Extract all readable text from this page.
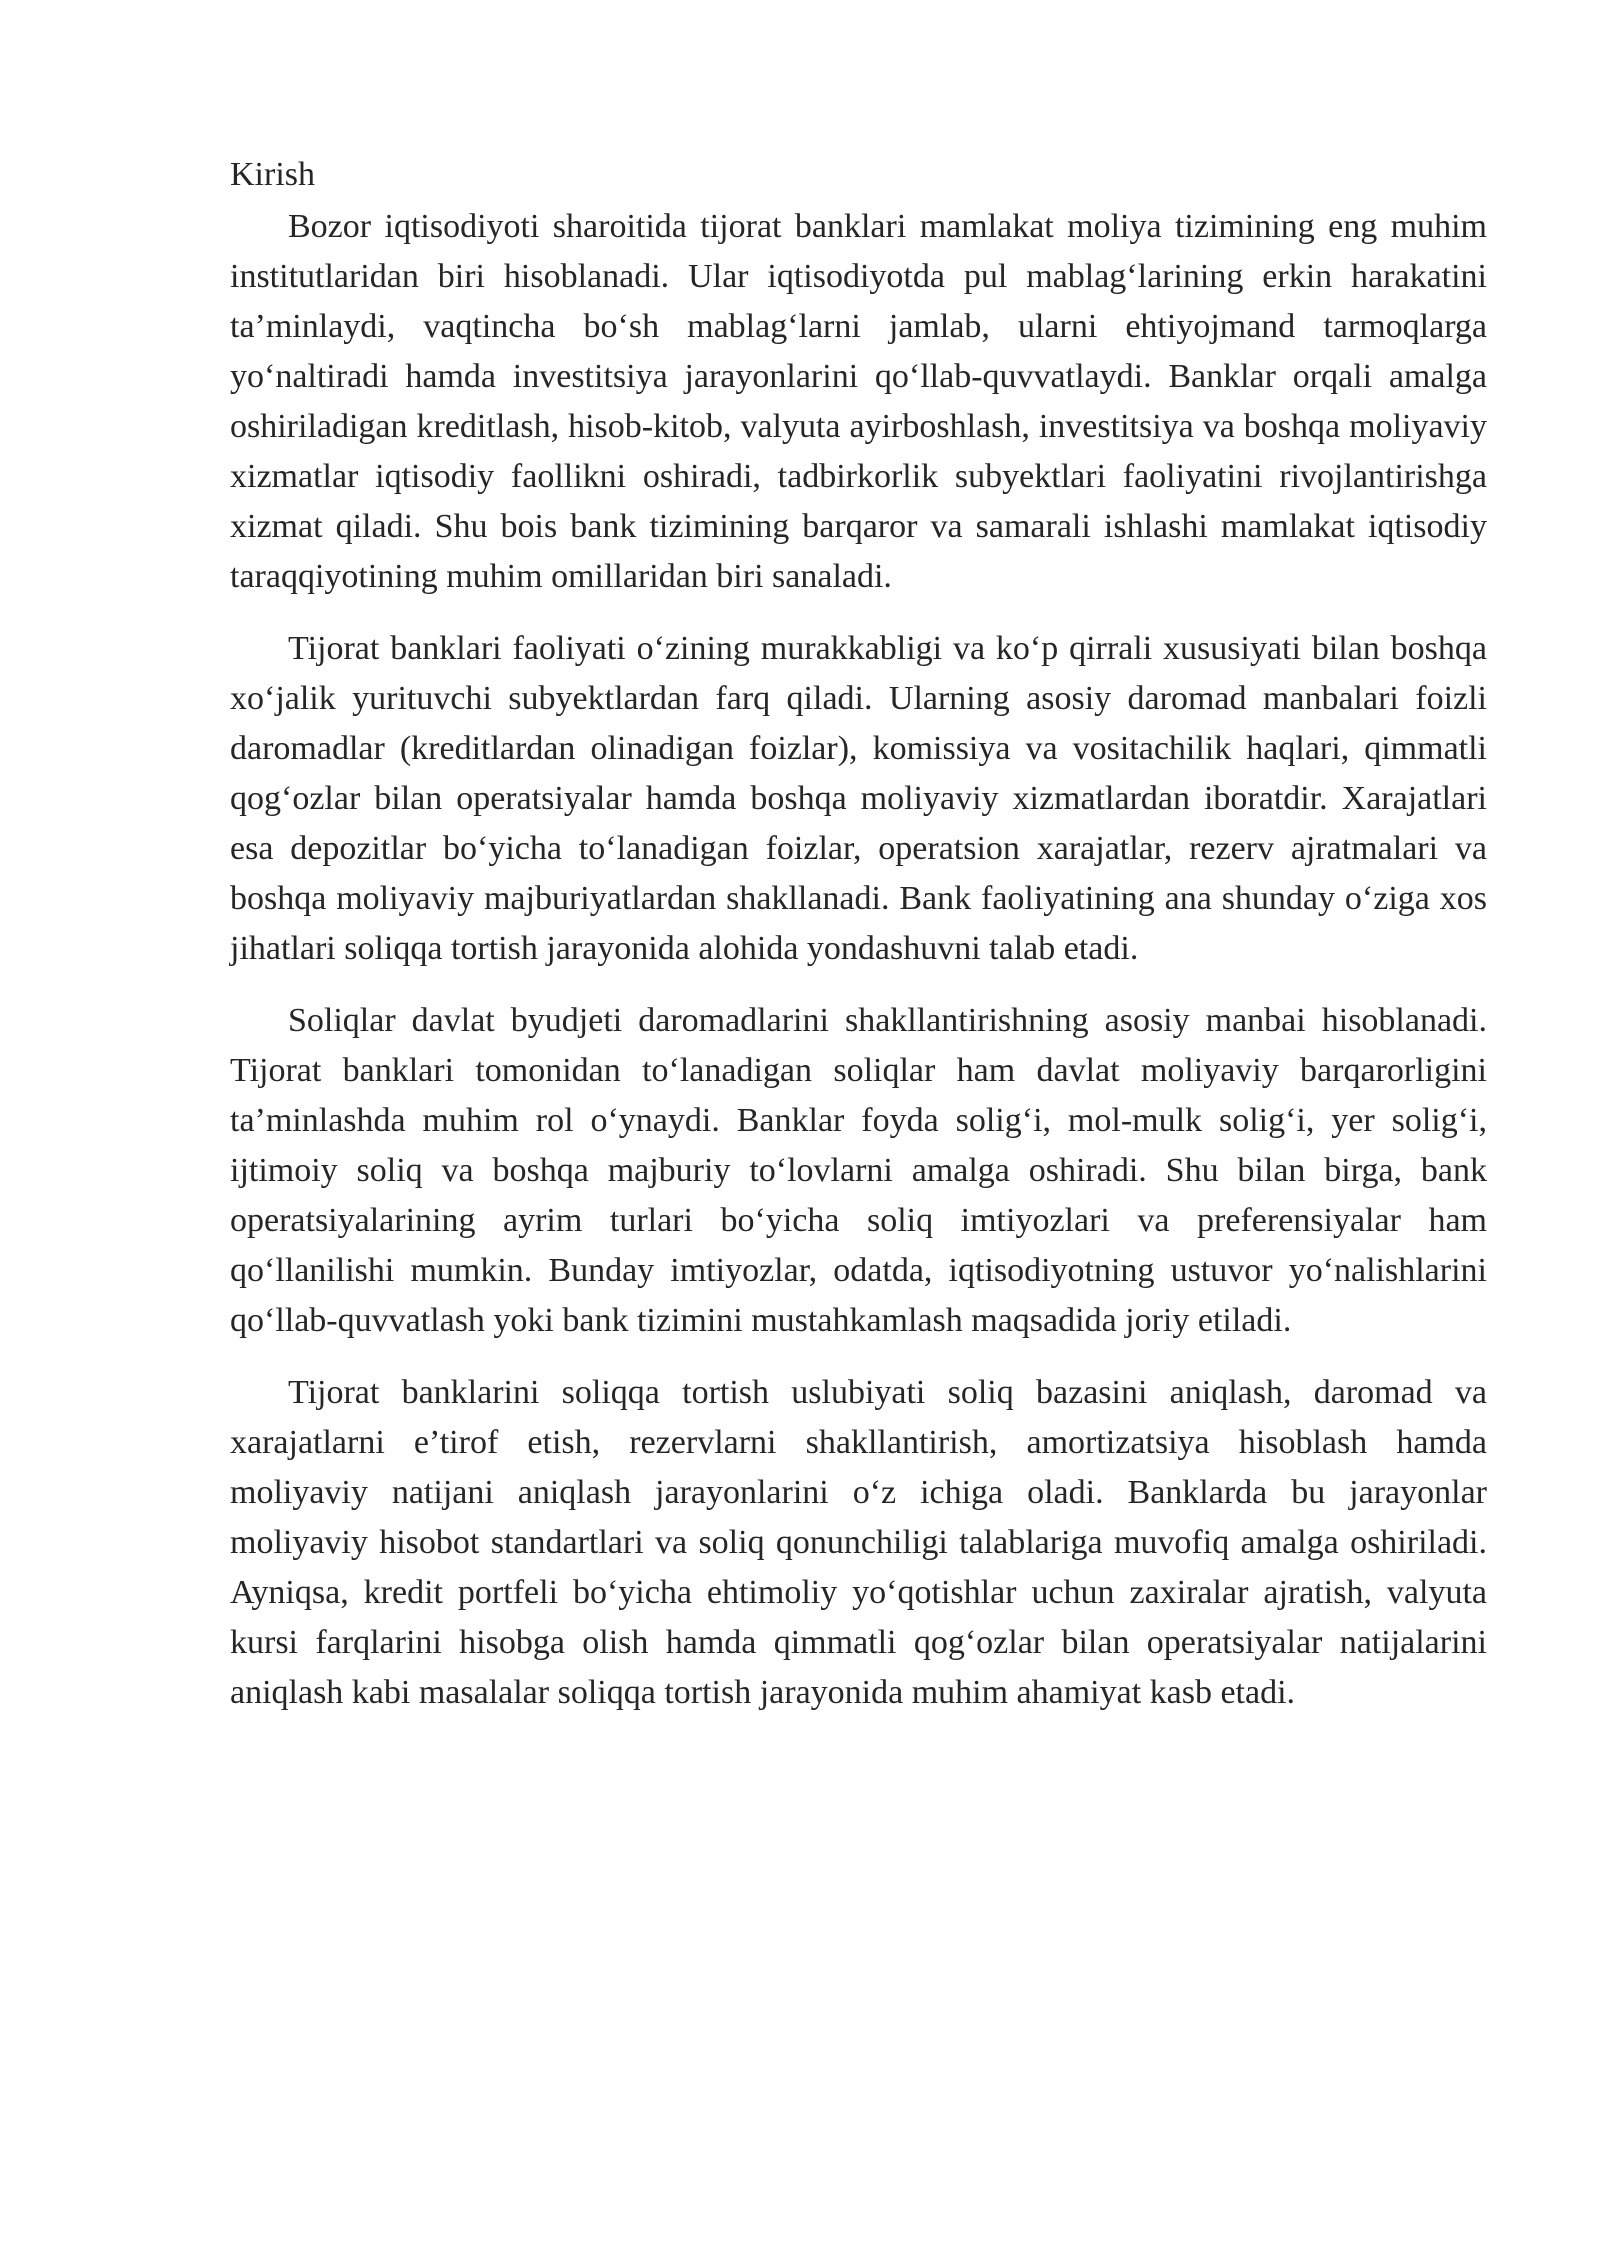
Kirish

Bozor iqtisodiyoti sharoitida tijorat banklari mamlakat moliya tizimining eng muhim institutlaridan biri hisoblanadi. Ular iqtisodiyotda pul mablag‘larining erkin harakatini ta’minlaydi, vaqtincha bo‘sh mablag‘larni jamlab, ularni ehtiyojmand tarmoqlarga yo‘naltiradi hamda investitsiya jarayonlarini qo‘llab-quvvatlaydi. Banklar orqali amalga oshiriladigan kreditlash, hisob-kitob, valyuta ayirboshlash, investitsiya va boshqa moliyaviy xizmatlar iqtisodiy faollikni oshiradi, tadbirkorlik subyektlari faoliyatini rivojlantirishga xizmat qiladi. Shu bois bank tizimining barqaror va samarali ishlashi mamlakat iqtisodiy taraqqiyotining muhim omillaridan biri sanaladi.

Tijorat banklari faoliyati o‘zining murakkabligi va ko‘p qirrali xususiyati bilan boshqa xo‘jalik yurituvchi subyektlardan farq qiladi. Ularning asosiy daromad manbalari foizli daromadlar (kreditlardan olinadigan foizlar), komissiya va vositachilik haqlari, qimmatli qog‘ozlar bilan operatsiyalar hamda boshqa moliyaviy xizmatlardan iboratdir. Xarajatlari esa depozitlar bo‘yicha to‘lanadigan foizlar, operatsion xarajatlar, rezerv ajratmalari va boshqa moliyaviy majburiyatlardan shakllanadi. Bank faoliyatining ana shunday o‘ziga xos jihatlari soliqqa tortish jarayonida alohida yondashuvni talab etadi.

Soliqlar davlat byudjeti daromadlarini shakllantirishning asosiy manbai hisoblanadi. Tijorat banklari tomonidan to‘lanadigan soliqlar ham davlat moliyaviy barqarorligini ta’minlashda muhim rol o‘ynaydi. Banklar foyda solig‘i, mol-mulk solig‘i, yer solig‘i, ijtimoiy soliq va boshqa majburiy to‘lovlarni amalga oshiradi. Shu bilan birga, bank operatsiyalarining ayrim turlari bo‘yicha soliq imtiyozlari va preferensiyalar ham qo‘llanilishi mumkin. Bunday imtiyozlar, odatda, iqtisodiyotning ustuvor yo‘nalishlarini qo‘llab-quvvatlash yoki bank tizimini mustahkamlash maqsadida joriy etiladi.

Tijorat banklarini soliqqa tortish uslubiyati soliq bazasini aniqlash, daromad va xarajatlarni e’tirof etish, rezervlarni shakllantirish, amortizatsiya hisoblash hamda moliyaviy natijani aniqlash jarayonlarini o‘z ichiga oladi. Banklarda bu jarayonlar moliyaviy hisobot standartlari va soliq qonunchiligi talablariga muvofiq amalga oshiriladi. Ayniqsa, kredit portfeli bo‘yicha ehtimoliy yo‘qotishlar uchun zaxiralar ajratish, valyuta kursi farqlarini hisobga olish hamda qimmatli qog‘ozlar bilan operatsiyalar natijalarini aniqlash kabi masalalar soliqqa tortish jarayonida muhim ahamiyat kasb etadi.
